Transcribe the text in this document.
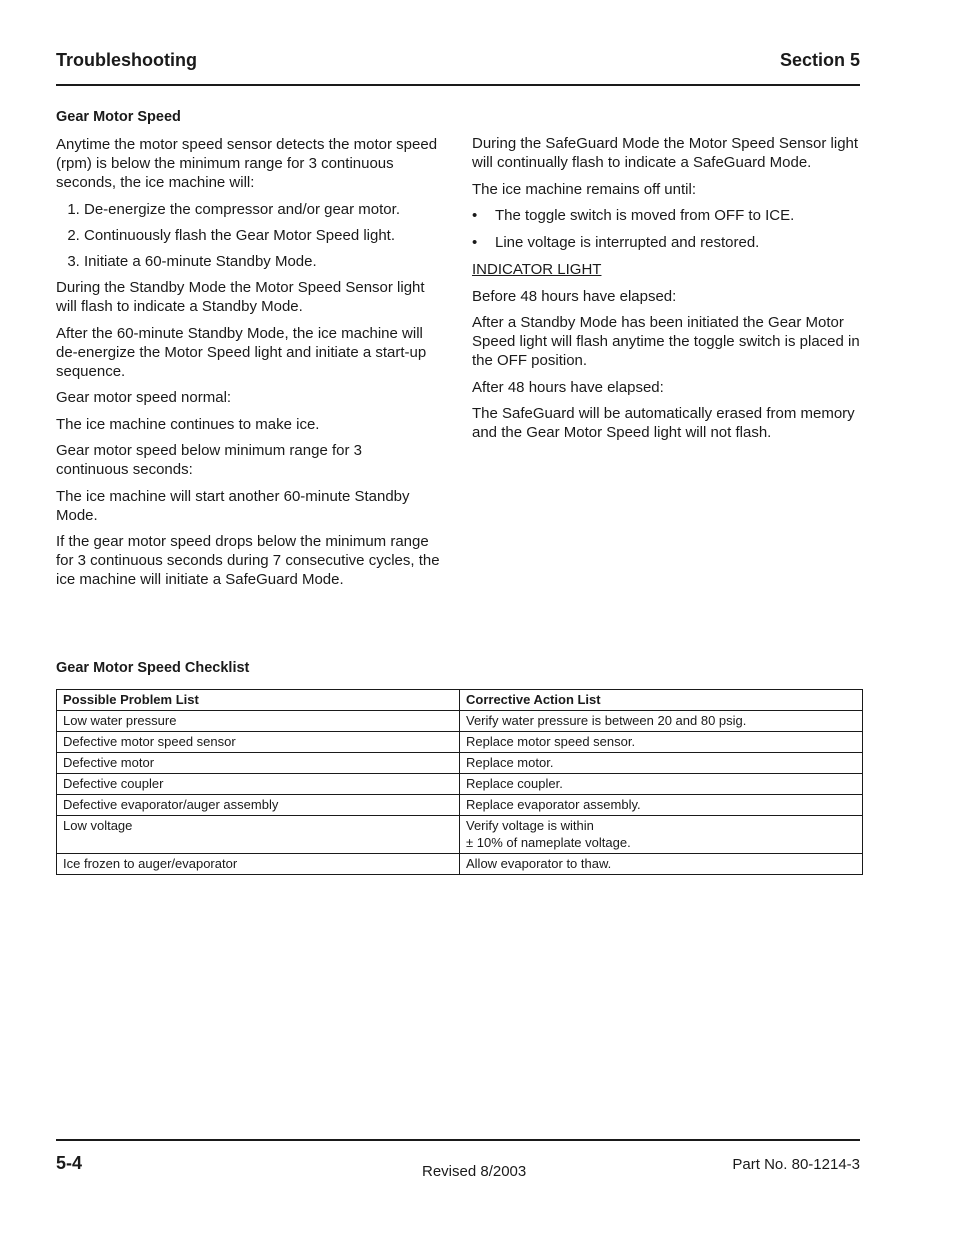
Troubleshooting	Section 5
Gear Motor Speed

Anytime the motor speed sensor detects the motor speed (rpm) is below the minimum range for 3 continuous seconds, the ice machine will:

1. De-energize the compressor and/or gear motor.
2. Continuously flash the Gear Motor Speed light.
3. Initiate a 60-minute Standby Mode.

During the Standby Mode the Motor Speed Sensor light will flash to indicate a Standby Mode.

After the 60-minute Standby Mode, the ice machine will de-energize the Motor Speed light and initiate a start-up sequence.

Gear motor speed normal:

The ice machine continues to make ice.

Gear motor speed below minimum range for 3 continuous seconds:

The ice machine will start another 60-minute Standby Mode.

If the gear motor speed drops below the minimum range for 3 continuous seconds during 7 consecutive cycles, the ice machine will initiate a SafeGuard Mode.

During the SafeGuard Mode the Motor Speed Sensor light will continually flash to indicate a SafeGuard Mode.

The ice machine remains off until:

• The toggle switch is moved from OFF to ICE.
• Line voltage is interrupted and restored.

INDICATOR LIGHT

Before 48 hours have elapsed:

After a Standby Mode has been initiated the Gear Motor Speed light will flash anytime the toggle switch is placed in the OFF position.

After 48 hours have elapsed:

The SafeGuard will be automatically erased from memory and the Gear Motor Speed light will not flash.

Gear Motor Speed Checklist
Possible Problem List	Corrective Action List
Low water pressure	Verify water pressure is between 20 and 80 psig.
Defective motor speed sensor	Replace motor speed sensor.
Defective motor	Replace motor.
Defective coupler	Replace coupler.
Defective evaporator/auger assembly	Replace evaporator assembly.
Low voltage	Verify voltage is within
± 10% of nameplate voltage.

Ice frozen to auger/evaporator	Allow evaporator to thaw.
5-4	Revised 8/2003	Part No. 80-1214-3
